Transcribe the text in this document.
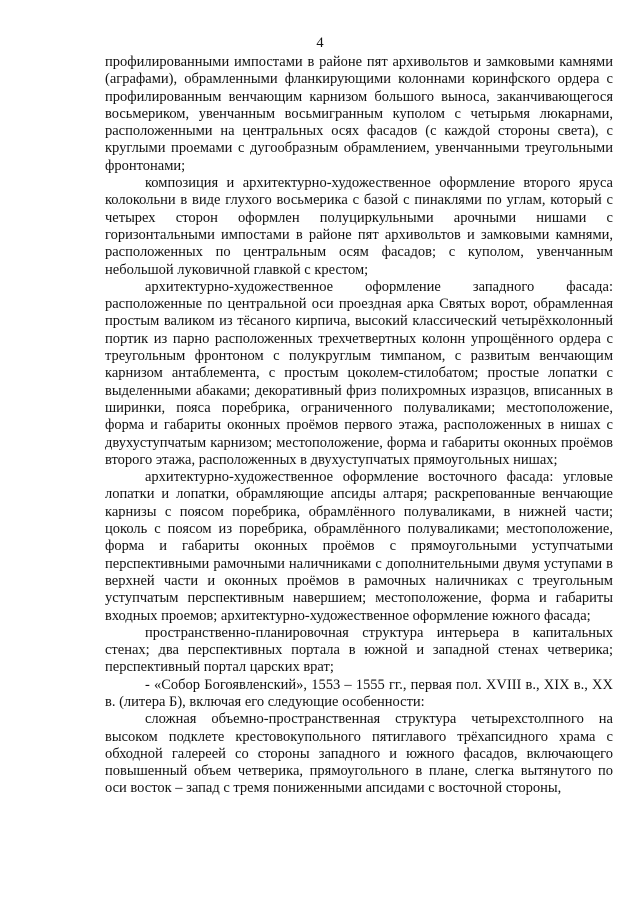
4

профилированными импостами в районе пят архивольтов и замковыми камнями (аграфами), обрамленными фланкирующими колоннами коринфского ордера с профилированным венчающим карнизом большого выноса, заканчивающегося восьмериком, увенчанным восьмигранным куполом с четырьмя люкарнами, расположенными на центральных осях фасадов (с каждой стороны света), с круглыми проемами с дугообразным обрамлением, увенчанными треугольными фронтонами;

композиция и архитектурно-художественное оформление второго яруса колокольни в виде глухого восьмерика с базой с пинаклями по углам, который с четырех сторон оформлен полуциркульными арочными нишами с горизонтальными импостами в районе пят архивольтов и замковыми камнями, расположенных по центральным осям фасадов; с куполом, увенчанным небольшой луковичной главкой с крестом;

архитектурно-художественное оформление западного фасада: расположенные по центральной оси проездная арка Святых ворот, обрамленная простым валиком из тёсаного кирпича, высокий классический четырёхколонный портик из парно расположенных трехчетвертных колонн упрощённого ордера с треугольным фронтоном с полукруглым тимпаном, с развитым венчающим карнизом антаблемента, с простым цоколем-стилобатом; простые лопатки с выделенными абаками; декоративный фриз полихромных изразцов, вписанных в ширинки, пояса поребрика, ограниченного полуваликами; местоположение, форма и габариты оконных проёмов первого этажа, расположенных в нишах с двухуступчатым карнизом; местоположение, форма и габариты оконных проёмов второго этажа, расположенных в двухуступчатых прямоугольных нишах;

архитектурно-художественное оформление восточного фасада: угловые лопатки и лопатки, обрамляющие апсиды алтаря; раскрепованные венчающие карнизы с поясом поребрика, обрамлённого полуваликами, в нижней части; цоколь с поясом из поребрика, обрамлённого полуваликами; местоположение, форма и габариты оконных проёмов с прямоугольными уступчатыми перспективными рамочными наличниками с дополнительными двумя уступами в верхней части и оконных проёмов в рамочных наличниках с треугольным уступчатым перспективным навершием; местоположение, форма и габариты входных проемов; архитектурно-художественное оформление южного фасада;

пространственно-планировочная структура интерьера в капитальных стенах; два перспективных портала в южной и западной стенах четверика; перспективный портал царских врат;

- «Собор Богоявленский», 1553 – 1555 гг., первая пол. XVIII в., XIX в., XX в. (литера Б), включая его следующие особенности:

сложная объемно-пространственная структура четырехстолпного на высоком подклете крестовокупольного пятиглавого трёхапсидного храма с обходной галереей со стороны западного и южного фасадов, включающего повышенный объем четверика, прямоугольного в плане, слегка вытянутого по оси восток – запад с тремя пониженными апсидами с восточной стороны,
